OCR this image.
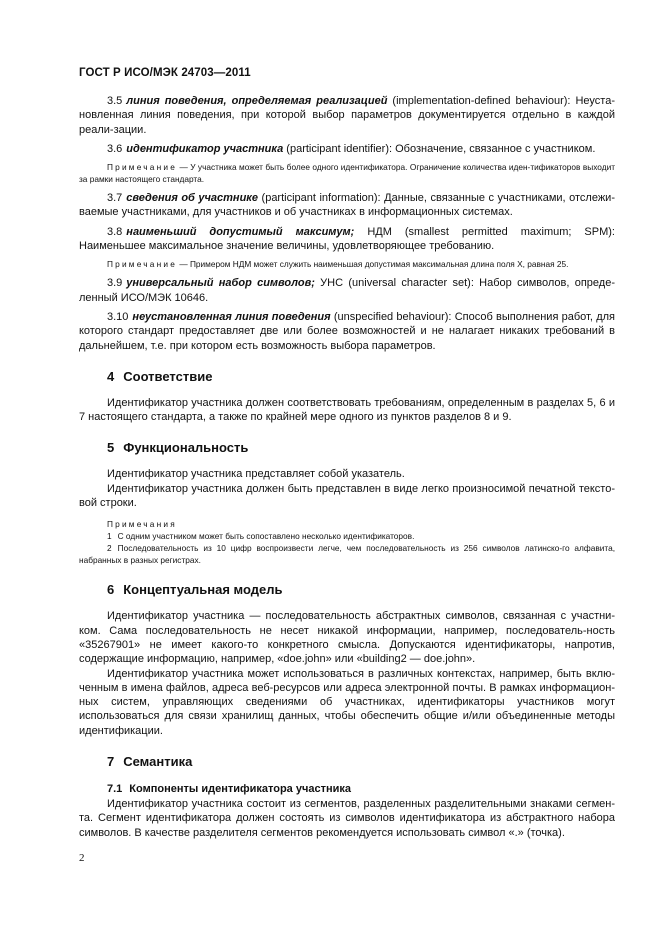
ГОСТ Р ИСО/МЭК 24703—2011

3.5 линия поведения, определяемая реализацией (implementation-defined behaviour): Неуста-новленная линия поведения, при которой выбор параметров документируется отдельно в каждой реали-зации.

3.6 идентификатор участника (participant identifier): Обозначение, связанное с участником.

Примечание — У участника может быть более одного идентификатора. Ограничение количества иден-тификаторов выходит за рамки настоящего стандарта.

3.7 сведения об участнике (participant information): Данные, связанные с участниками, отслежи-ваемые участниками, для участников и об участниках в информационных системах.

3.8 наименьший допустимый максимум; НДМ (smallest permitted maximum; SPM): Наименьшее максимальное значение величины, удовлетворяющее требованию.

Примечание — Примером НДМ может служить наименьшая допустимая максимальная длина поля X, равная 25.

3.9 универсальный набор символов; УНС (universal character set): Набор символов, опреде-ленный ИСО/МЭК 10646.

3.10 неустановленная линия поведения (unspecified behaviour): Способ выполнения работ, для которого стандарт предоставляет две или более возможностей и не налагает никаких требований в дальнейшем, т.е. при котором есть возможность выбора параметров.

4 Соответствие

Идентификатор участника должен соответствовать требованиям, определенным в разделах 5, 6 и 7 настоящего стандарта, а также по крайней мере одного из пунктов разделов 8 и 9.

5 Функциональность

Идентификатор участника представляет собой указатель.

Идентификатор участника должен быть представлен в виде легко произносимой печатной тексто-вой строки.

Примечания

1 С одним участником может быть сопоставлено несколько идентификаторов.

2 Последовательность из 10 цифр воспроизвести легче, чем последовательность из 256 символов латинско-го алфавита, набранных в разных регистрах.

6 Концептуальная модель

Идентификатор участника — последовательность абстрактных символов, связанная с участни-ком. Сама последовательность не несет никакой информации, например, последователь-ность «35267901» не имеет какого-то конкретного смысла. Допускаются идентификаторы, напротив, содержащие информацию, например, «doe.john» или «building2 — doe.john».

Идентификатор участника может использоваться в различных контекстах, например, быть вклю-ченным в имена файлов, адреса веб-ресурсов или адреса электронной почты. В рамках информацион-ных систем, управляющих сведениями об участниках, идентификаторы участников могут использоваться для связи хранилищ данных, чтобы обеспечить общие и/или объединенные методы идентификации.

7 Семантика
7.1 Компоненты идентификатора участника

Идентификатор участника состоит из сегментов, разделенных разделительными знаками сегмен-та. Сегмент идентификатора должен состоять из символов идентификатора из абстрактного набора символов. В качестве разделителя сегментов рекомендуется использовать символ «.» (точка).

2
